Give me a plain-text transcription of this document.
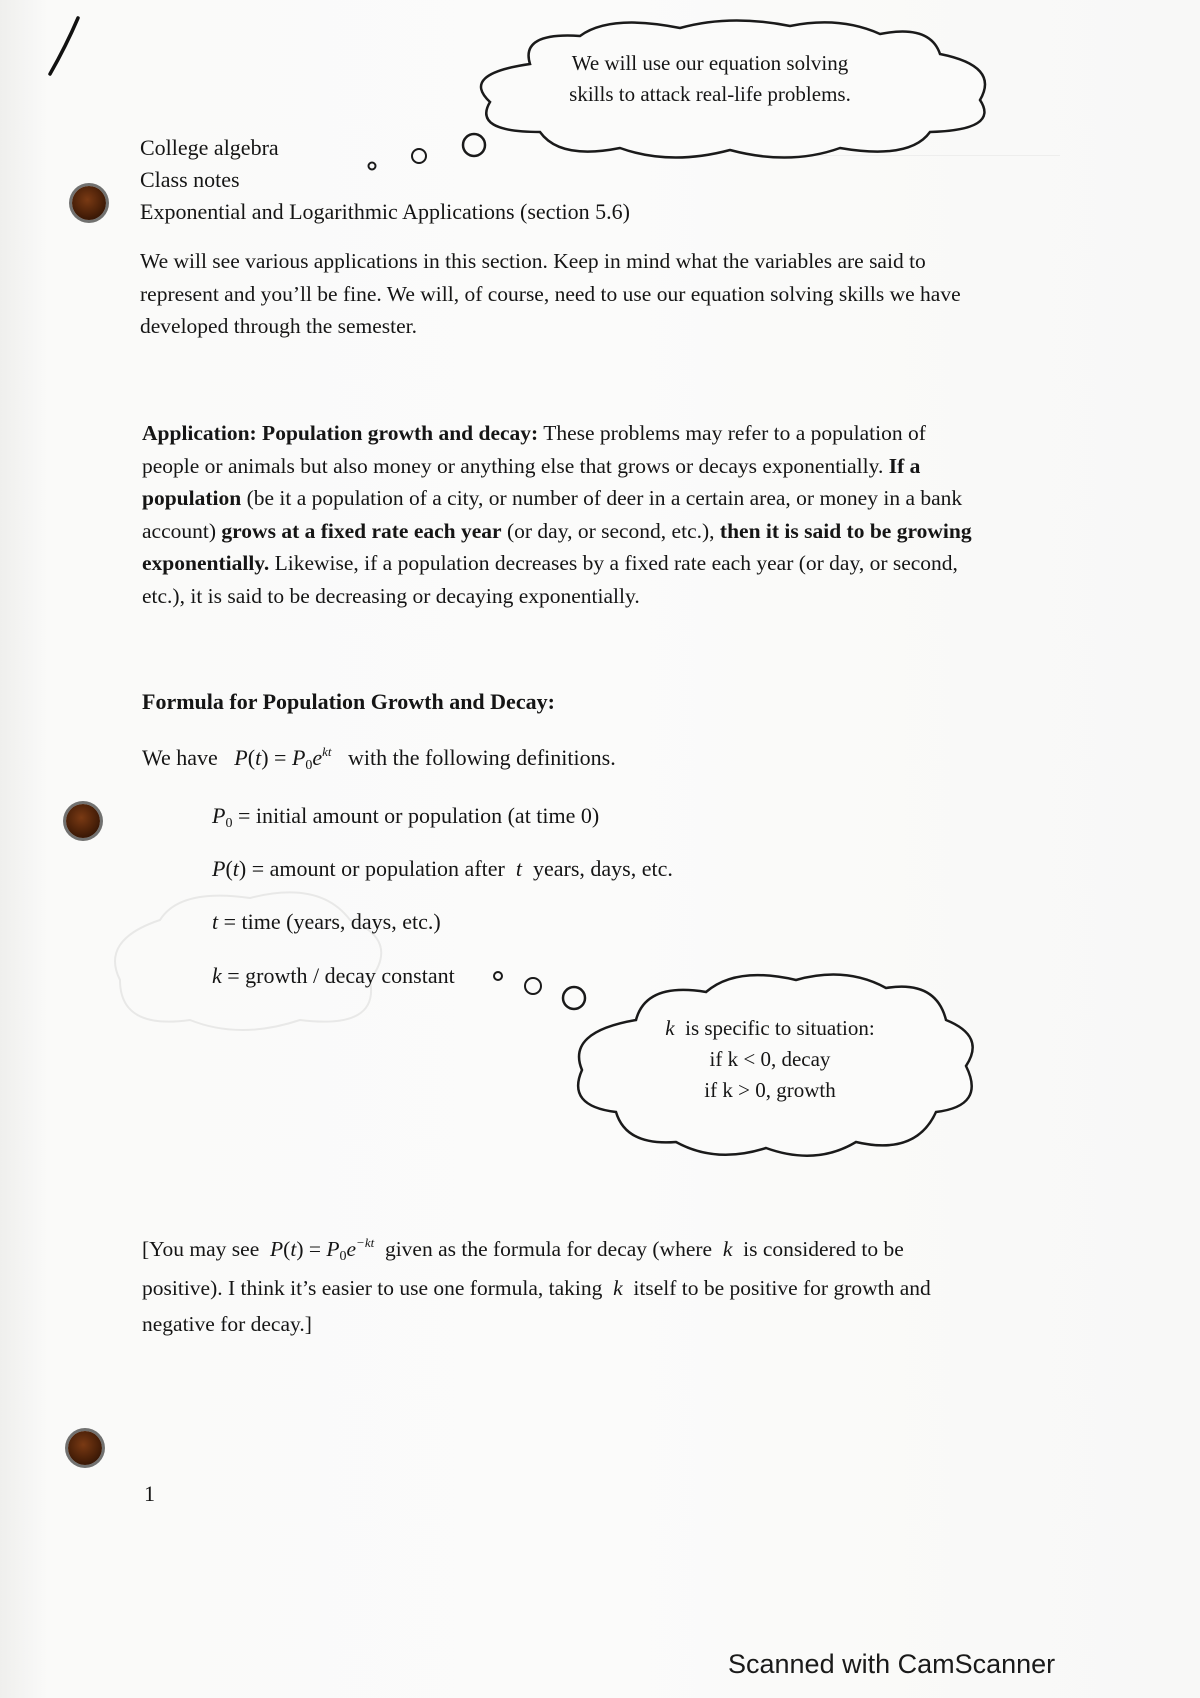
We will use our equation solving
skills to attack real-life problems.
College algebra
Class notes
Exponential and Logarithmic Applications (section 5.6)
We will see various applications in this section. Keep in mind what the variables are said to
represent and you’ll be fine. We will, of course, need to use our equation solving skills we have
developed through the semester.
Application: Population growth and decay: These problems may refer to a population of
people or animals but also money or anything else that grows or decays exponentially. If a
population (be it a population of a city, or number of deer in a certain area, or money in a bank
account) grows at a fixed rate each year (or day, or second, etc.), then it is said to be growing
exponentially. Likewise, if a population decreases by a fixed rate each year (or day, or second,
etc.), it is said to be decreasing or decaying exponentially.
Formula for Population Growth and Decay:
We have $P(t) = P_0e^{kt}$ with the following definitions.
$P_0$ = initial amount or population (at time 0)
P(t) = amount or population after t years, days, etc.
t = time (years, days, etc.)
k = growth / decay constant
k is specific to situation:
if k < 0, decay
if k > 0, growth
[You may see $P(t) = P_0e^{-kt}$ given as the formula for decay (where k is considered to be
positive). I think it’s easier to use one formula, taking k itself to be positive for growth and
negative for decay.]
1
Scanned with CamScanner
